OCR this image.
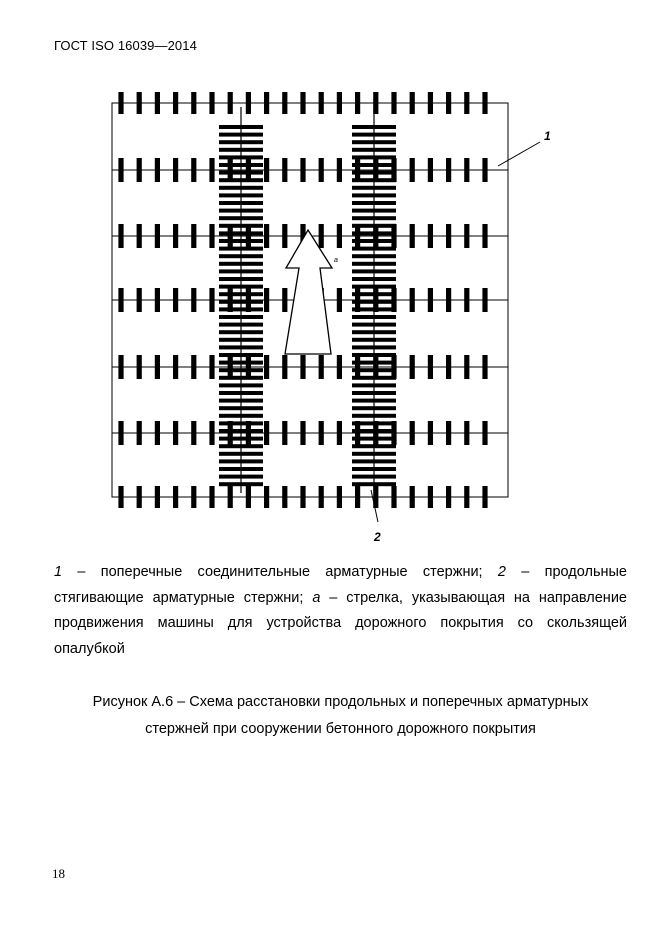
ГОСТ ISO 16039—2014
a
1
2
1 – поперечные соединительные арматурные стержни; 2 – продольные стягивающие арматурные стержни; а – стрелка, указывающая на направление продвижения машины для устройства дорожного покрытия со скользящей опалубкой
Рисунок А.6 – Схема расстановки продольных и поперечных арматурных
стержней при сооружении бетонного дорожного покрытия
18
